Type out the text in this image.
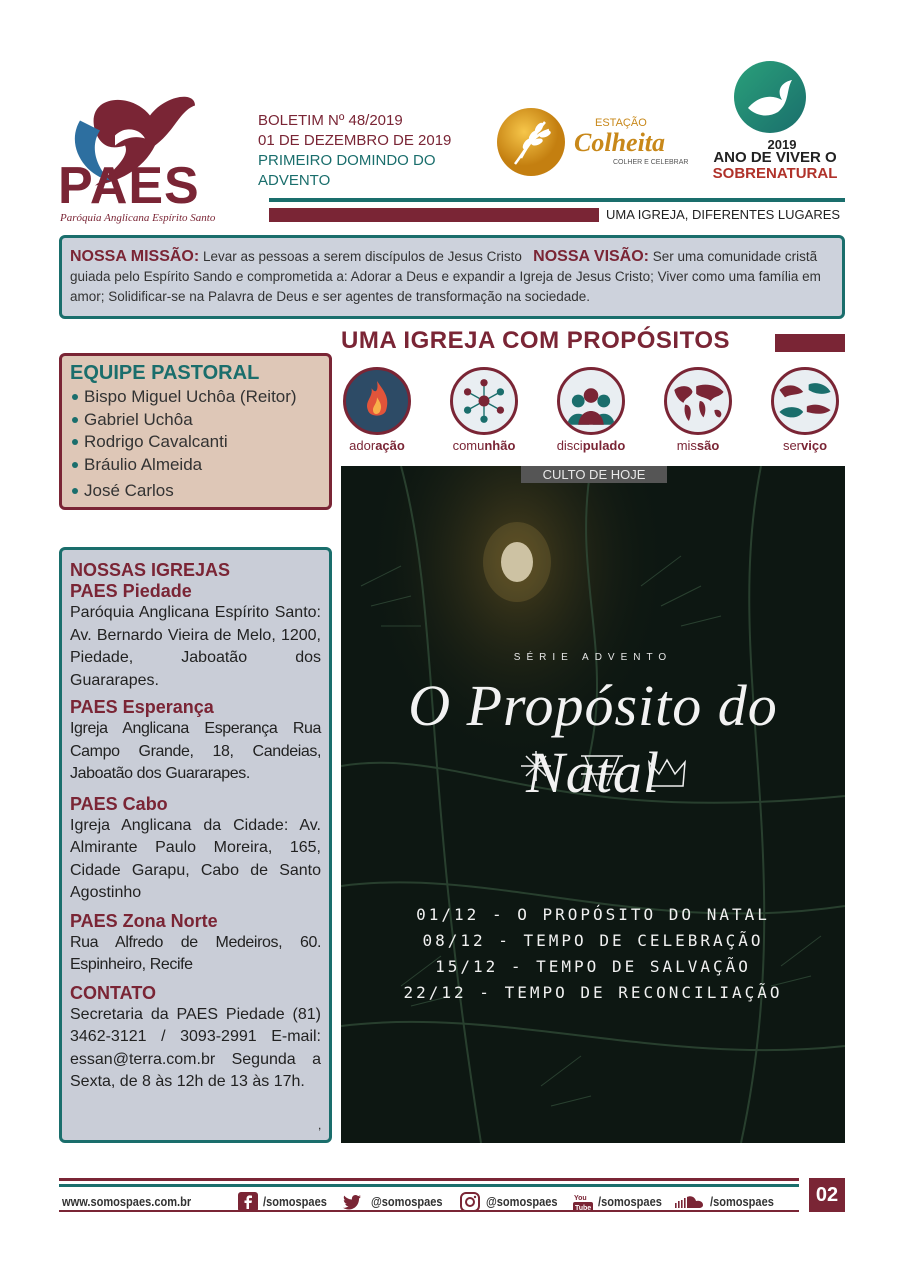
PAES
Paróquia Anglicana Espírito Santo
BOLETIM Nº 48/2019
01 DE DEZEMBRO DE 2019
PRIMEIRO DOMINDO DO
ADVENTO
ESTAÇÃO
Colheita
COLHER E CELEBRAR
2019
ANO DE VIVER O
SOBRENATURAL
UMA IGREJA, DIFERENTES LUGARES
NOSSA MISSÃO: Levar as pessoas a serem discípulos de Jesus Cristo NOSSA VISÃO: Ser uma comunidade cristã guiada pelo Espírito Sando e comprometida a: Adorar a Deus e expandir a Igreja de Jesus Cristo; Viver como uma família em amor; Solidificar-se na Palavra de Deus e ser agentes de transformação na sociedade.
UMA IGREJA COM PROPÓSITOS
adoração	comunhão	discipulado	missão	serviço
EQUIPE PASTORAL
Bispo Miguel Uchôa (Reitor)
Gabriel Uchôa
Rodrigo Cavalcanti
Bráulio Almeida
José Carlos
NOSSAS IGREJAS
PAES Piedade
Paróquia Anglicana Espírito Santo: Av. Bernardo Vieira de Melo, 1200, Piedade, Jaboatão dos Guararapes.
PAES Esperança
Igreja Anglicana Esperança Rua Campo Grande, 18, Candeias, Jaboatão dos Guararapes.
PAES Cabo
Igreja Anglicana da Cidade: Av. Almirante Paulo Moreira, 165, Cidade Garapu, Cabo de Santo Agostinho
PAES Zona Norte
Rua Alfredo de Medeiros, 60. Espinheiro, Recife
CONTATO
Secretaria da PAES Piedade (81) 3462-3121 / 3093-2991 E-mail: essan@terra.com.br Segunda a Sexta, de 8 às 12h de 13 às 17h.
,
CULTO DE HOJE
SÉRIE ADVENTO
O Propósito do Natal
01/12 - O PROPÓSITO DO NATAL
08/12 - TEMPO DE CELEBRAÇÃO
15/12 - TEMPO DE SALVAÇÃO
22/12 - TEMPO DE RECONCILIAÇÃO
02
www.somospaes.com.br	/somospaes	@somospaes	@somospaes You
Tube /somospaes	/somospaes
